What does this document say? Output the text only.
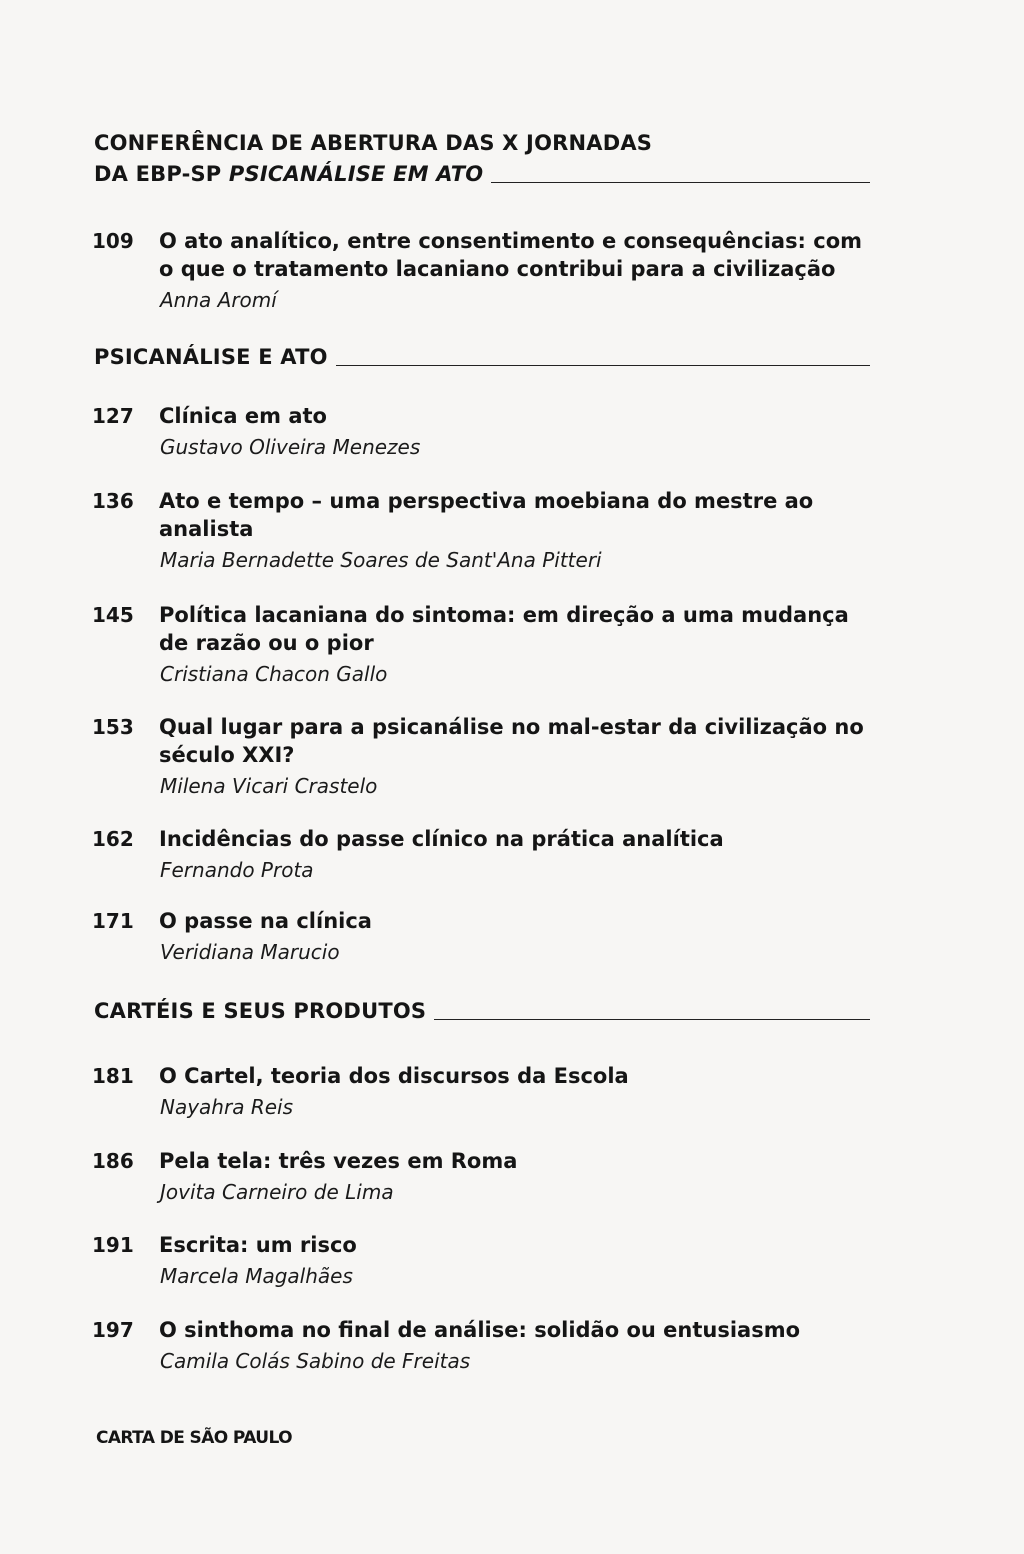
CONFERÊNCIA DE ABERTURA DAS X JORNADAS
DA EBP-SP PSICANÁLISE EM ATO
109	O ato analítico, entre consentimento e consequências: com o que o tratamento lacaniano contribui para a civilização
Anna Aromí
PSICANÁLISE E ATO
127	Clínica em ato
Gustavo Oliveira Menezes
136	Ato e tempo – uma perspectiva moebiana do mestre ao analista
Maria Bernadette Soares de Sant'Ana Pitteri
145	Política lacaniana do sintoma: em direção a uma mudança de razão ou o pior
Cristiana Chacon Gallo
153	Qual lugar para a psicanálise no mal-estar da civilização no século XXI?
Milena Vicari Crastelo
162	Incidências do passe clínico na prática analítica
Fernando Prota
171	O passe na clínica
Veridiana Marucio
CARTÉIS E SEUS PRODUTOS
181	O Cartel, teoria dos discursos da Escola
Nayahra Reis
186	Pela tela: três vezes em Roma
Jovita Carneiro de Lima
191	Escrita: um risco
Marcela Magalhães
197	O sinthoma no final de análise: solidão ou entusiasmo
Camila Colás Sabino de Freitas
CARTA DE SÃO PAULO
